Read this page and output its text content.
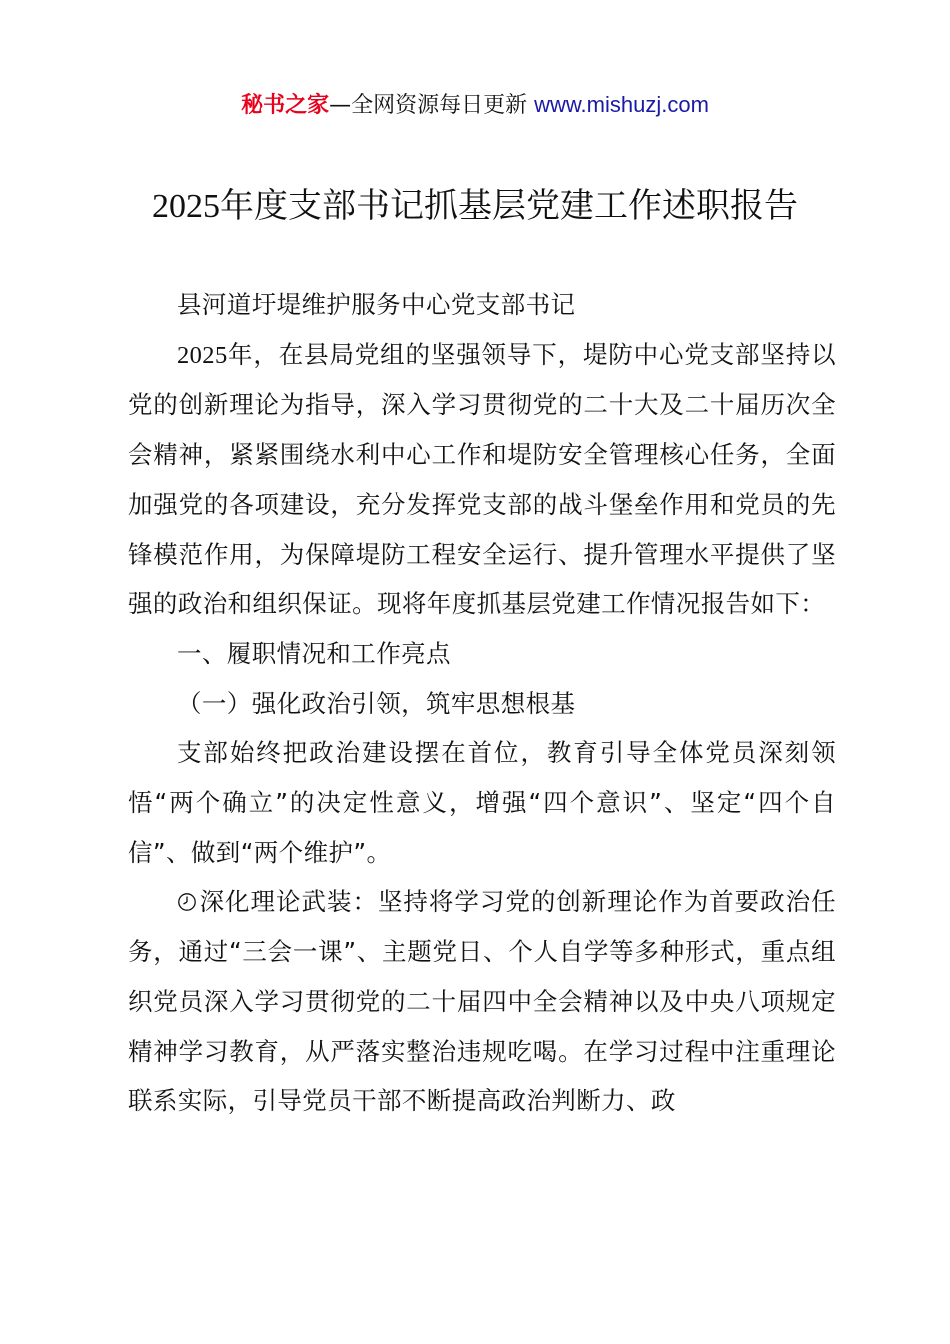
秘书之家—全网资源每日更新 www.mishuzj.com
2025年度支部书记抓基层党建工作述职报告

县河道圩堤维护服务中心党支部书记

2025年，在县局党组的坚强领导下，堤防中心党支部坚持以党的创新理论为指导，深入学习贯彻党的二十大及二十届历次全会精神，紧紧围绕水利中心工作和堤防安全管理核心任务，全面加强党的各项建设，充分发挥党支部的战斗堡垒作用和党员的先锋模范作用，为保障堤防工程安全运行、提升管理水平提供了坚强的政治和组织保证。现将年度抓基层党建工作情况报告如下：

一、履职情况和工作亮点

（一）强化政治引领，筑牢思想根基

支部始终把政治建设摆在首位，教育引导全体党员深刻领悟“两个确立”的决定性意义，增强“四个意识”、坚定“四个自信”、做到“两个维护”。

深化理论武装：坚持将学习党的创新理论作为首要政治任务，通过“三会一课”、主题党日、个人自学等多种形式，重点组织党员深入学习贯彻党的二十届四中全会精神以及中央八项规定精神学习教育，从严落实整治违规吃喝。在学习过程中注重理论联系实际，引导党员干部不断提高政治判断力、政
